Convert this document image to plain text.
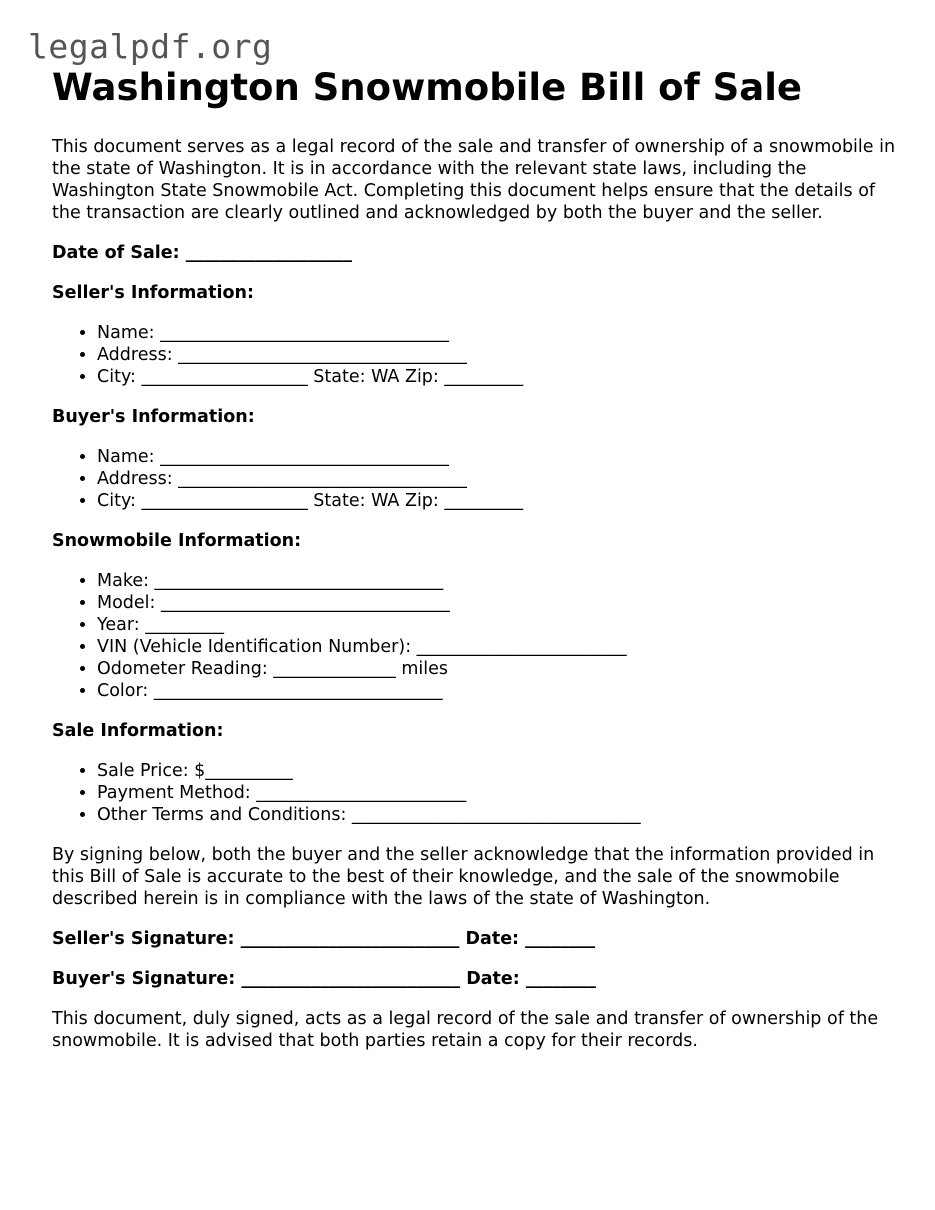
legalpdf.org
Washington Snowmobile Bill of Sale

This document serves as a legal record of the sale and transfer of ownership of a snowmobile in the state of Washington. It is in accordance with the relevant state laws, including the Washington State Snowmobile Act. Completing this document helps ensure that the details of the transaction are clearly outlined and acknowledged by both the buyer and the seller.

Date of Sale: ___________________
Seller's Information:
• Name: _________________________________
• Address: _________________________________
• City: ___________________ State: WA Zip: _________
Buyer's Information:
• Name: _________________________________
• Address: _________________________________
• City: ___________________ State: WA Zip: _________
Snowmobile Information:
• Make: _________________________________
• Model: _________________________________
• Year: _________
• VIN (Vehicle Identification Number): ________________________
• Odometer Reading: ______________ miles
• Color: _________________________________
Sale Information:
• Sale Price: $__________
• Payment Method: ________________________
• Other Terms and Conditions: _________________________________

By signing below, both the buyer and the seller acknowledge that the information provided in this Bill of Sale is accurate to the best of their knowledge, and the sale of the snowmobile described herein is in compliance with the laws of the state of Washington.

Seller's Signature: _________________________ Date: ________
Buyer's Signature: _________________________ Date: ________

This document, duly signed, acts as a legal record of the sale and transfer of ownership of the snowmobile. It is advised that both parties retain a copy for their records.
